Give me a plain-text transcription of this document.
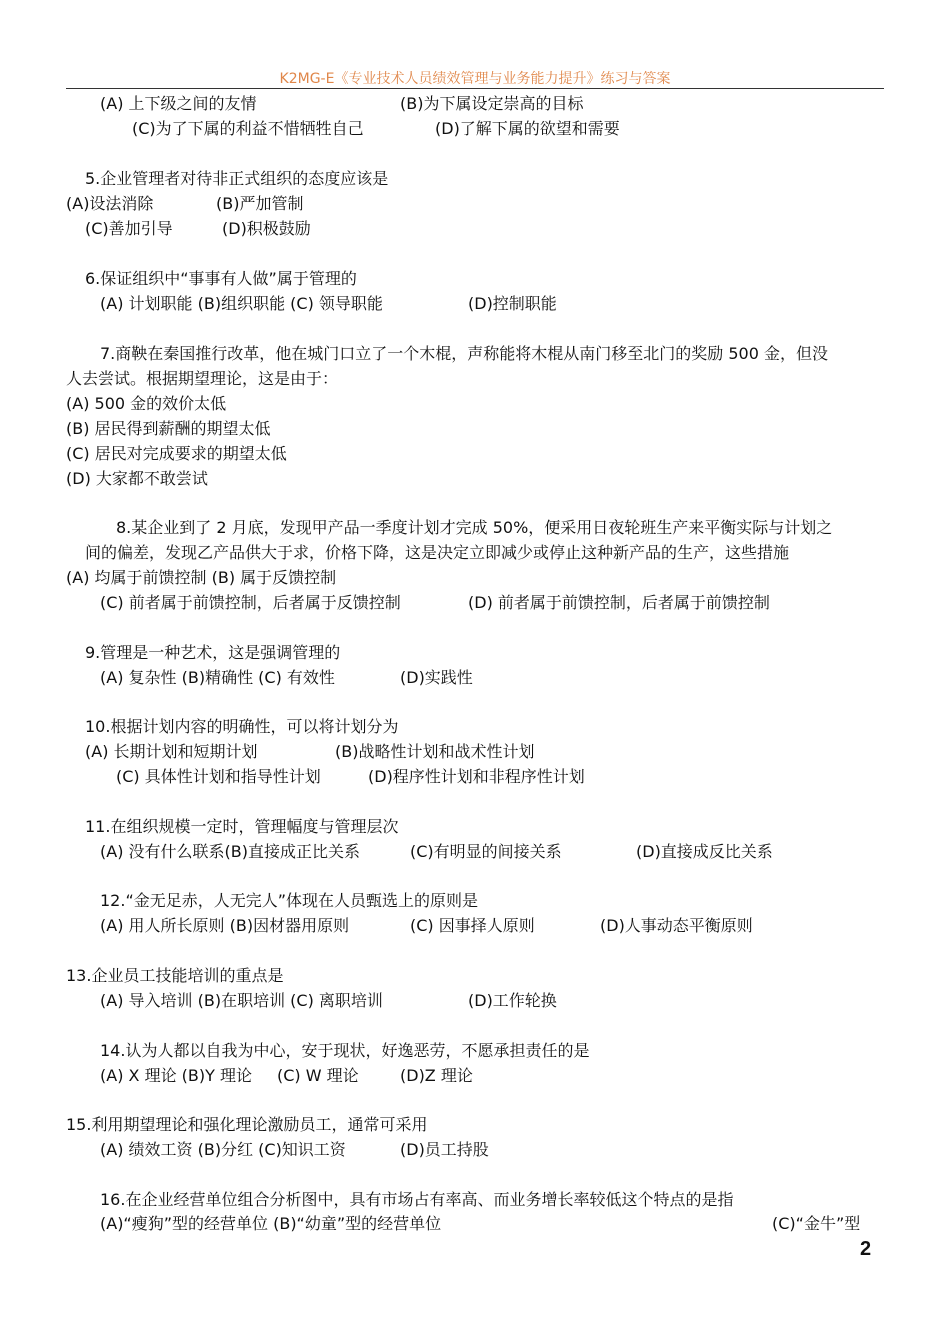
K2MG-E《专业技术人员绩效管理与业务能力提升》练习与答案
(A) 上下级之间的友情	(B)为下属设定崇高的目标
(C)为了下属的利益不惜牺牲自己	(D)了解下属的欲望和需要
5.企业管理者对待非正式组织的态度应该是
(A)设法消除	(B)严加管制
(C)善加引导	(D)积极鼓励
6.保证组织中“事事有人做”属于管理的
(A) 计划职能 (B)组织职能 (C) 领导职能	(D)控制职能
7.商鞅在秦国推行改革，他在城门口立了一个木棍，声称能将木棍从南门移至北门的奖励 500 金，但没
人去尝试。根据期望理论，这是由于：
(A) 500 金的效价太低
(B) 居民得到薪酬的期望太低
(C) 居民对完成要求的期望太低
(D) 大家都不敢尝试
8.某企业到了 2 月底，发现甲产品一季度计划才完成 50%，便采用日夜轮班生产来平衡实际与计划之
间的偏差，发现乙产品供大于求，价格下降，这是决定立即减少或停止这种新产品的生产，这些措施
(A) 均属于前馈控制 (B) 属于反馈控制
(C) 前者属于前馈控制，后者属于反馈控制	(D) 前者属于前馈控制，后者属于前馈控制
9.管理是一种艺术，这是强调管理的
(A) 复杂性 (B)精确性 (C) 有效性	(D)实践性
10.根据计划内容的明确性，可以将计划分为
(A) 长期计划和短期计划	(B)战略性计划和战术性计划
(C) 具体性计划和指导性计划	(D)程序性计划和非程序性计划
11.在组织规模一定时，管理幅度与管理层次
(A) 没有什么联系(B)直接成正比关系	(C)有明显的间接关系	(D)直接成反比关系
12.“金无足赤，人无完人”体现在人员甄选上的原则是
(A) 用人所长原则 (B)因材器用原则	(C) 因事择人原则	(D)人事动态平衡原则
13.企业员工技能培训的重点是
(A) 导入培训 (B)在职培训 (C) 离职培训	(D)工作轮换
14.认为人都以自我为中心，安于现状，好逸恶劳，不愿承担责任的是
(A) X 理论 (B)Y 理论 (C) W 理论	(D)Z 理论
15.利用期望理论和强化理论激励员工，通常可采用
(A) 绩效工资 (B)分红 (C)知识工资	(D)员工持股
16.在企业经营单位组合分析图中，具有市场占有率高、而业务增长率较低这个特点的是指
(A)“瘦狗”型的经营单位 (B)“幼童”型的经营单位	(C)“金牛”型
2
